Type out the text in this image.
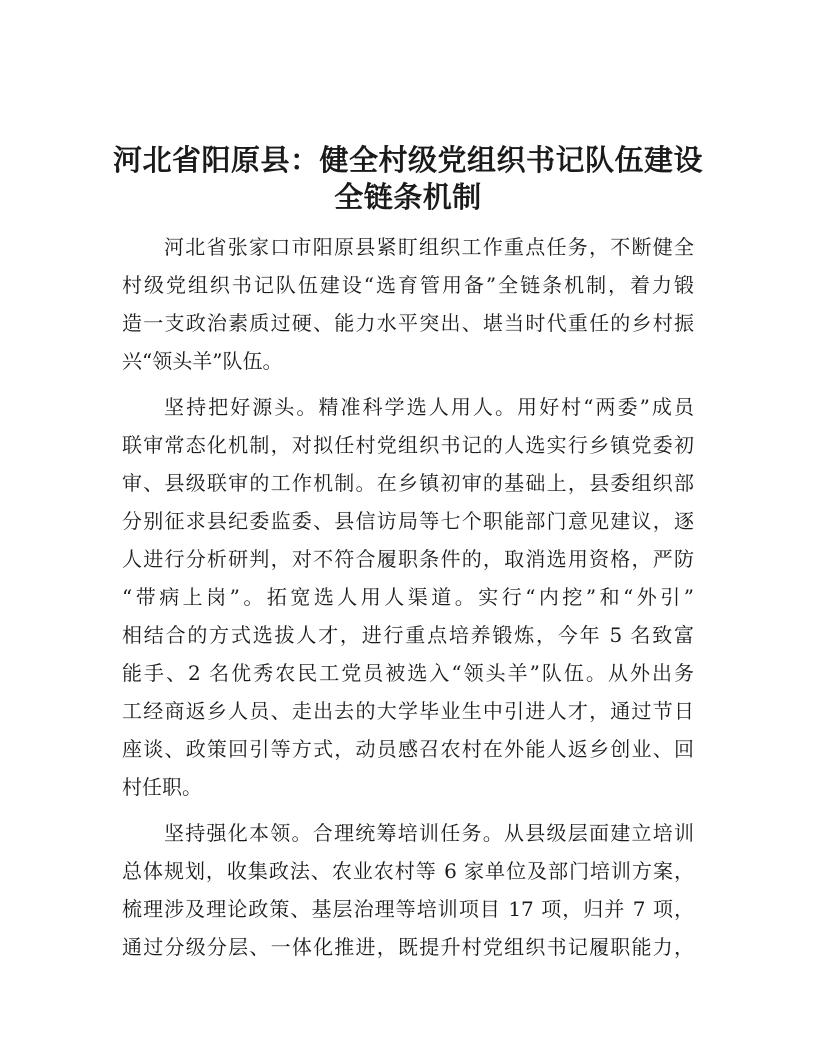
河北省阳原县：健全村级党组织书记队伍建设
全链条机制
河北省张家口市阳原县紧盯组织工作重点任务，不断健全
村级党组织书记队伍建设“选育管用备”全链条机制，着力锻
造一支政治素质过硬、能力水平突出、堪当时代重任的乡村振
兴“领头羊”队伍。
坚持把好源头。精准科学选人用人。用好村“两委”成员
联审常态化机制，对拟任村党组织书记的人选实行乡镇党委初
审、县级联审的工作机制。在乡镇初审的基础上，县委组织部
分别征求县纪委监委、县信访局等七个职能部门意见建议，逐
人进行分析研判，对不符合履职条件的，取消选用资格，严防
“带病上岗”。拓宽选人用人渠道。实行“内挖”和“外引”
相结合的方式选拔人才，进行重点培养锻炼，今年 5 名致富
能手、2 名优秀农民工党员被选入“领头羊”队伍。从外出务
工经商返乡人员、走出去的大学毕业生中引进人才，通过节日
座谈、政策回引等方式，动员感召农村在外能人返乡创业、回
村任职。
坚持强化本领。合理统筹培训任务。从县级层面建立培训
总体规划，收集政法、农业农村等 6 家单位及部门培训方案，
梳理涉及理论政策、基层治理等培训项目 17 项，归并 7 项，
通过分级分层、一体化推进，既提升村党组织书记履职能力，
